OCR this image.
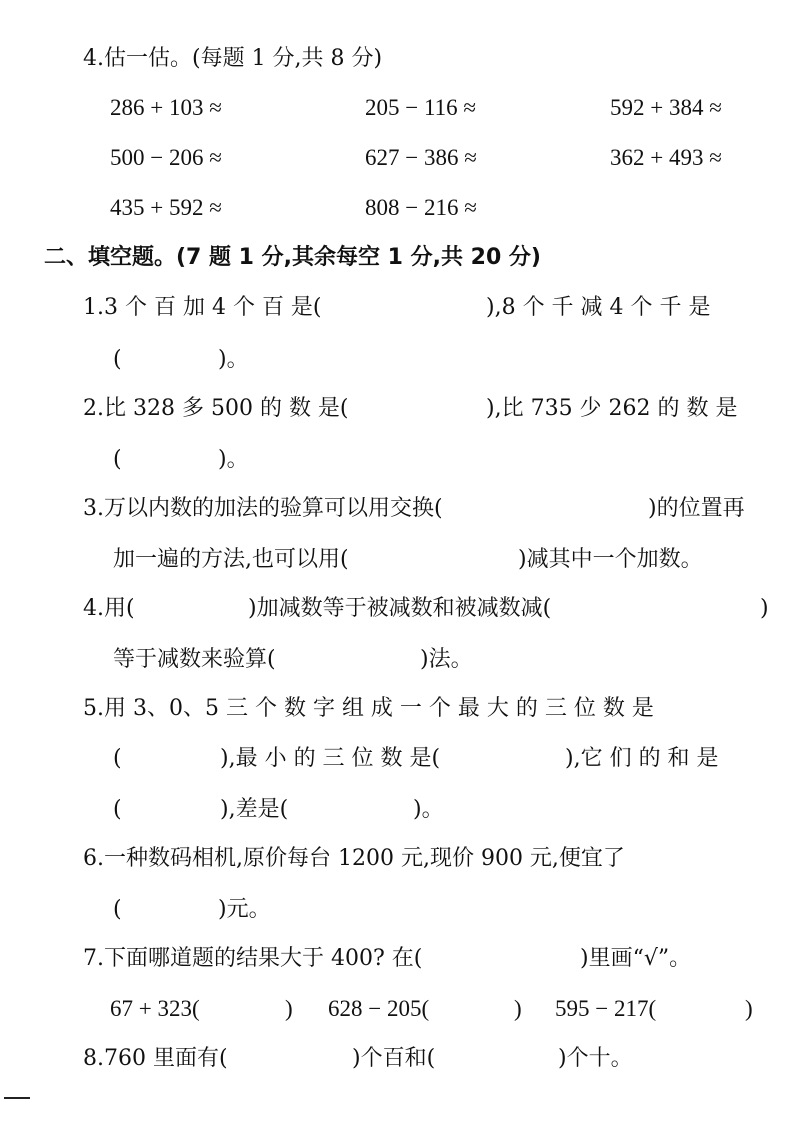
4.估一估。(每题 1 分,共 8 分)
286 + 103 ≈	205 − 116 ≈	592 + 384 ≈
500 − 206 ≈	627 − 386 ≈	362 + 493 ≈
435 + 592 ≈	808 − 216 ≈
二、填空题。(7 题 1 分,其余每空 1 分,共 20 分)
1.3 个 百 加 4 个 百 是(	),8 个 千 减 4 个 千 是
(	)。
2.比 328 多 500 的 数 是(	),比 735 少 262 的 数 是
(	)。
3.万以内数的加法的验算可以用交换(	)的位置再
加一遍的方法,也可以用(	)减其中一个加数。
4.用(	)加减数等于被减数和被减数减(	)
等于减数来验算(	)法。
5.用 3、0、5 三 个 数 字 组 成 一 个 最 大 的 三 位 数 是
(	),最 小 的 三 位 数 是(	),它 们 的 和 是
(	),差是(	)。
6.一种数码相机,原价每台 1200 元,现价 900 元,便宜了
(	)元。
7.下面哪道题的结果大于 400? 在(	)里画“√”。
67 + 323(	) 628 − 205(	) 595 − 217(	)
8.760 里面有(	)个百和(	)个十。
